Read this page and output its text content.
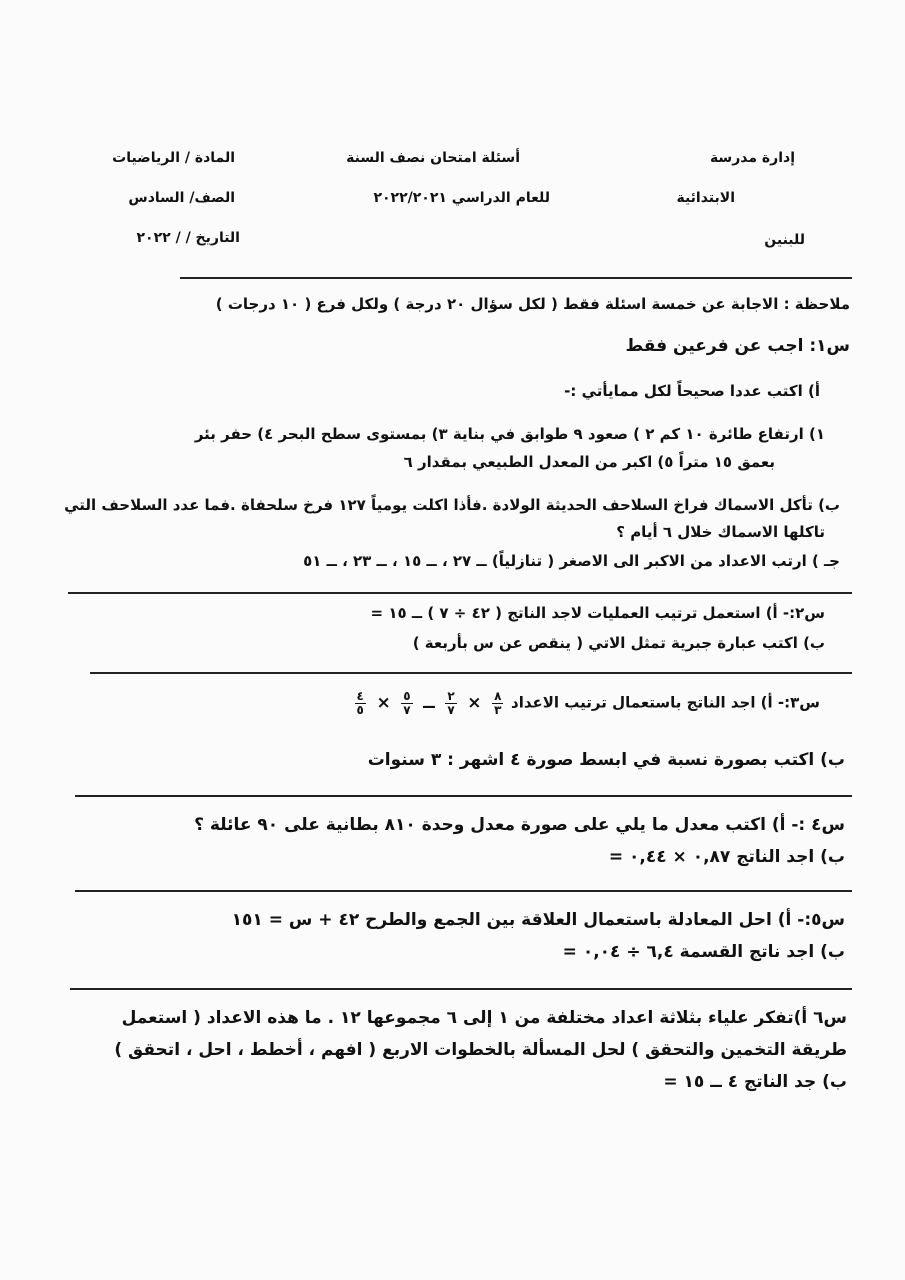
إدارة مدرسة
الابتدائية
للبنين
أسئلة امتحان نصف السنة
للعام الدراسي ٢٠٢٢/٢٠٢١
المادة / الرياضيات
الصف/ السادس
التاريخ / / ٢٠٢٢
ملاحظة : الاجابة عن خمسة اسئلة فقط ( لكل سؤال ٢٠ درجة ) ولكل فرع ( ١٠ درجات )
س١: اجب عن فرعين فقط
أ) اكتب عددا صحيحاً لكل ممايأتي :-
١) ارتفاع طائرة ١٠ كم ٢ ) صعود ٩ طوابق في بناية ٣) بمستوى سطح البحر ٤) حفر بئر
بعمق ١٥ متراً ٥) اكبر من المعدل الطبيعي بمقدار ٦
ب) تأكل الاسماك فراخ السلاحف الحديثة الولادة .فأذا اكلت يومياً ١٢٧ فرخ سلحفاة .فما عدد السلاحف التي
تاكلها الاسماك خلال ٦ أيام ؟
جـ ) ارتب الاعداد من الاكبر الى الاصغر ( تنازلياً) ــ ٢٧ ، ــ ١٥ ، ــ ٢٣ ، ــ ٥١
س٢:- أ) استعمل ترتيب العمليات لاجد الناتج ( ٤٢ ÷ ٧ ) ــ ١٥ =
ب) اكتب عبارة جبرية تمثل الاتي ( ينقص عن س بأربعة )
س٣:- أ) اجد الناتج باستعمال ترتيب الاعداد
$\frac{٨}{٣}$
×
$\frac{٢}{٧}$
ــ
$\frac{٥}{٧}$
×
$\frac{٤}{٥}$
ب) اكتب بصورة نسبة في ابسط صورة ٤ اشهر : ٣ سنوات
س٤ :- أ) اكتب معدل ما يلي على صورة معدل وحدة ٨١٠ بطانية على ٩٠ عائلة ؟
ب) اجد الناتج ٠,٨٧ × ٠,٤٤ =
س٥:- أ) احل المعادلة باستعمال العلاقة بين الجمع والطرح ٤٢ + س = ١٥١
ب) اجد ناتج القسمة ٦,٤ ÷ ٠,٠٤ =
س٦ أ)تفكر علياء بثلاثة اعداد مختلفة من ١ إلى ٦ مجموعها ١٢ . ما هذه الاعداد ( استعمل
طريقة التخمين والتحقق ) لحل المسألة بالخطوات الاربع ( افهم ، أخطط ، احل ، اتحقق )
ب) جد الناتج ٤ ــ ١٥ =
